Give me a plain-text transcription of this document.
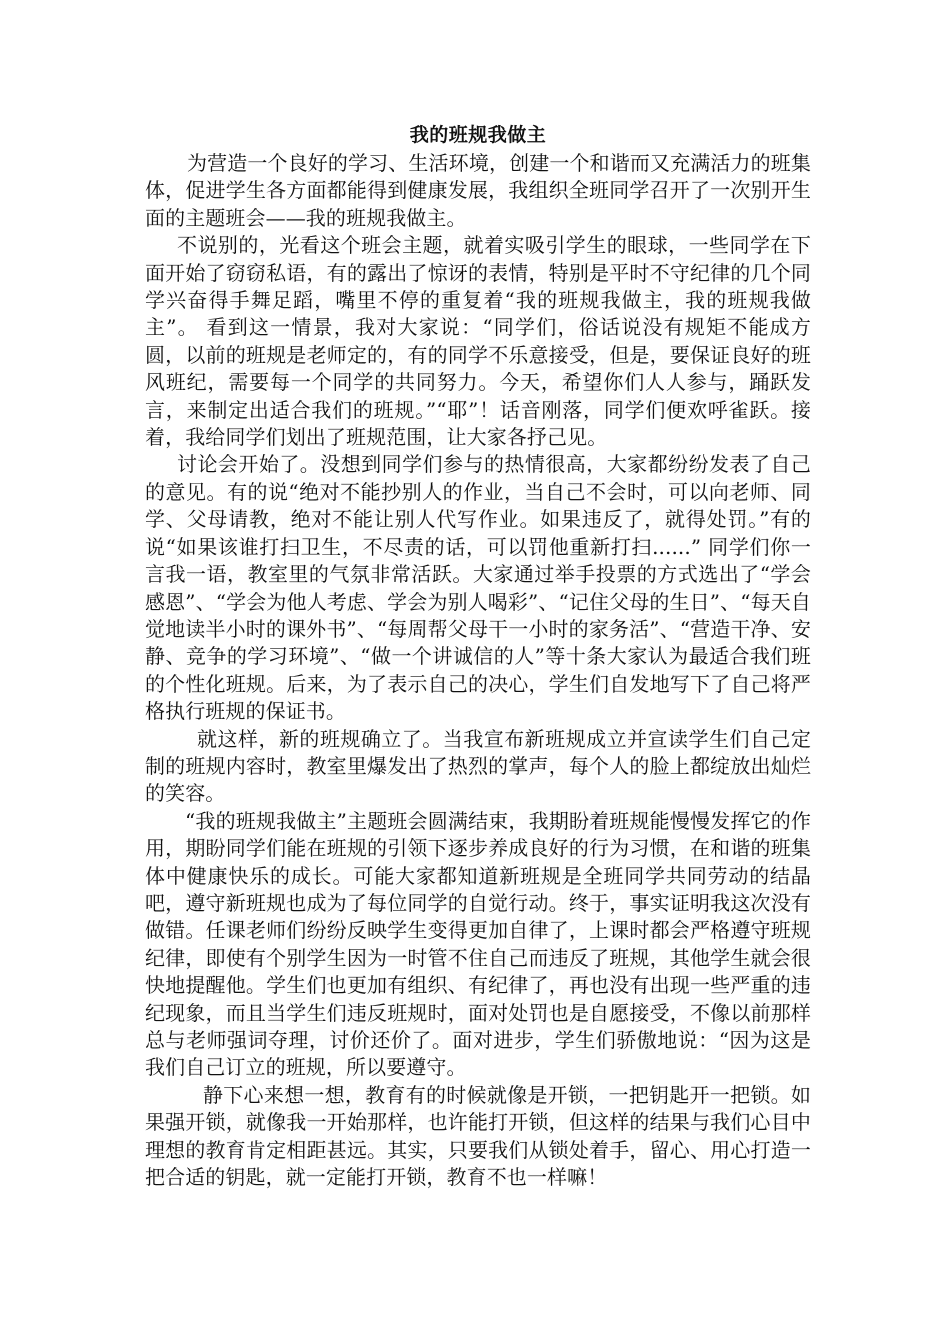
我的班规我做主

为营造一个良好的学习、生活环境，创建一个和谐而又充满活力的班集体，促进学生各方面都能得到健康发展，我组织全班同学召开了一次别开生面的主题班会——我的班规我做主。

不说别的，光看这个班会主题，就着实吸引学生的眼球，一些同学在下面开始了窃窃私语，有的露出了惊讶的表情，特别是平时不守纪律的几个同学兴奋得手舞足蹈，嘴里不停的重复着“我的班规我做主，我的班规我做主”。 看到这一情景，我对大家说：“同学们，俗话说没有规矩不能成方圆，以前的班规是老师定的，有的同学不乐意接受，但是，要保证良好的班风班纪，需要每一个同学的共同努力。今天，希望你们人人参与，踊跃发言，来制定出适合我们的班规。”“耶”！话音刚落，同学们便欢呼雀跃。接着，我给同学们划出了班规范围，让大家各抒己见。

讨论会开始了。没想到同学们参与的热情很高，大家都纷纷发表了自己的意见。有的说“绝对不能抄别人的作业，当自己不会时，可以向老师、同学、父母请教，绝对不能让别人代写作业。如果违反了，就得处罚。”有的说“如果该谁打扫卫生，不尽责的话，可以罚他重新打扫......” 同学们你一言我一语，教室里的气氛非常活跃。大家通过举手投票的方式选出了“学会感恩”、“学会为他人考虑、学会为别人喝彩”、“记住父母的生日”、“每天自觉地读半小时的课外书”、“每周帮父母干一小时的家务活”、“营造干净、安静、竞争的学习环境”、“做一个讲诚信的人”等十条大家认为最适合我们班的个性化班规。后来，为了表示自己的决心，学生们自发地写下了自己将严格执行班规的保证书。

就这样，新的班规确立了。当我宣布新班规成立并宣读学生们自己定制的班规内容时，教室里爆发出了热烈的掌声，每个人的脸上都绽放出灿烂的笑容。

“我的班规我做主”主题班会圆满结束，我期盼着班规能慢慢发挥它的作用，期盼同学们能在班规的引领下逐步养成良好的行为习惯，在和谐的班集体中健康快乐的成长。可能大家都知道新班规是全班同学共同劳动的结晶吧，遵守新班规也成为了每位同学的自觉行动。终于，事实证明我这次没有做错。任课老师们纷纷反映学生变得更加自律了，上课时都会严格遵守班规纪律，即使有个别学生因为一时管不住自己而违反了班规，其他学生就会很快地提醒他。学生们也更加有组织、有纪律了，再也没有出现一些严重的违纪现象，而且当学生们违反班规时，面对处罚也是自愿接受，不像以前那样总与老师强词夺理，讨价还价了。面对进步，学生们骄傲地说：“因为这是我们自己订立的班规，所以要遵守。

静下心来想一想，教育有的时候就像是开锁，一把钥匙开一把锁。如果强开锁，就像我一开始那样，也许能打开锁，但这样的结果与我们心目中理想的教育肯定相距甚远。其实，只要我们从锁处着手，留心、用心打造一把合适的钥匙，就一定能打开锁，教育不也一样嘛！
